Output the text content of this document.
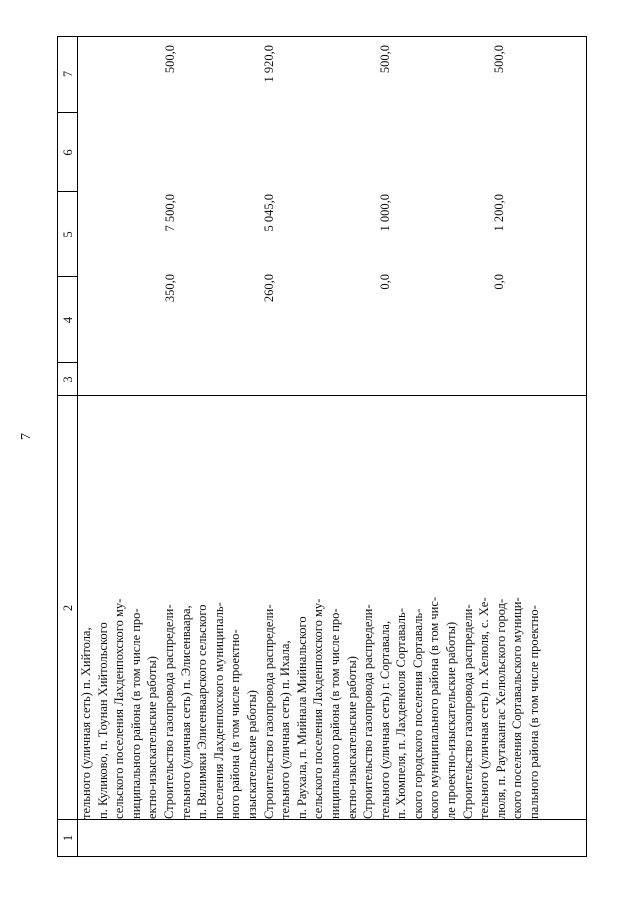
7
1
2
3
4
5
6
7

тельного (уличная сеть) п. Хийтола, п. Куликово, п. Тоунан Хийтольского сельского поселения Лахденпохского му- ниципального района (в том числе про- ектно-изыскательские работы) Строительство газопровода распредели- тельного (уличная сеть) п. Элисенваара, п. Вялимяки Элисенваарского сельского поселения Лахденпохского муниципаль- ного района (в том числе проектно- изыскательские работы) Строительство газопровода распредели- тельного (уличная сеть) п. Ихала, п. Раухала, п. Мийнала Мийнальского сельского поселения Лахденпохского му- ниципального района (в том числе про- ектно-изыскательские работы) Строительство газопровода распредели- тельного (уличная сеть) г. Сортавала, п. Хюмпеля, п. Лахденкюля Сортаваль- ского городского поселения Сортаваль- ского муниципального района (в том чис- ле проектно-изыскательские работы) Строительство газопровода распредели- тельного (уличная сеть) п. Хелюля, с. Хе- люля, п. Раутакангас Хелюльского город- ского поселения Сортавальского муници- пального района (в том числе проектно-

350,0
7 500,0
500,0
260,0
5 045,0
1 920,0
0,0
1 000,0
500,0
0,0
1 200,0
500,0
